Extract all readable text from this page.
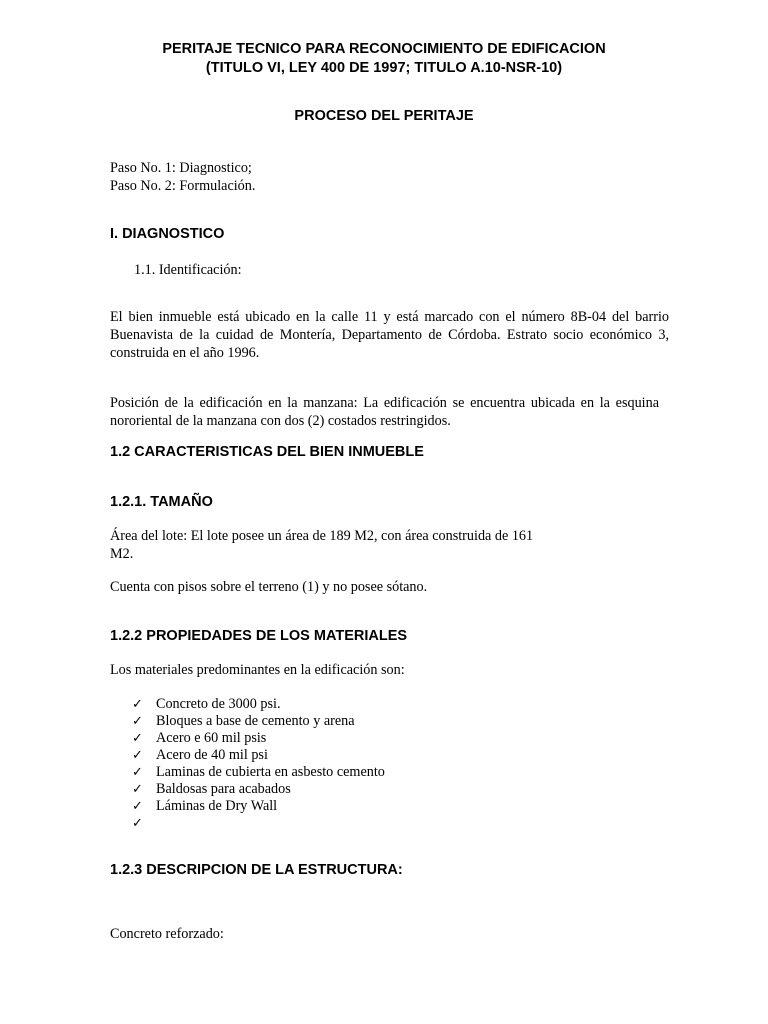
PERITAJE TECNICO PARA RECONOCIMIENTO DE EDIFICACION

(TITULO VI, LEY 400 DE 1997; TITULO A.10-NSR-10)

PROCESO DEL PERITAJE

Paso No. 1: Diagnostico;

Paso No. 2: Formulación.

I. DIAGNOSTICO

1.1. Identificación:

El bien inmueble está ubicado en la calle 11 y está marcado con el número 8B-04 del barrio Buenavista de la cuidad de Montería, Departamento de Córdoba. Estrato socio económico 3, construida en el año 1996.

Posición de la edificación en la manzana: La edificación se encuentra ubicada en la esquina nororiental de la manzana con dos (2) costados restringidos.

1.2 CARACTERISTICAS DEL BIEN INMUEBLE

1.2.1. TAMAÑO

Área del lote: El lote posee un área de 189 M2, con área construida de 161

M2.

Cuenta con pisos sobre el terreno (1) y no posee sótano.

1.2.2 PROPIEDADES DE LOS MATERIALES

Los materiales predominantes en la edificación son:

✓ Concreto de 3000 psi.
✓ Bloques a base de cemento y arena
✓ Acero e 60 mil psis
✓ Acero de 40 mil psi
✓ Laminas de cubierta en asbesto cemento
✓ Baldosas para acabados
✓ Láminas de Dry Wall
✓

1.2.3 DESCRIPCION DE LA ESTRUCTURA:

Concreto reforzado:
